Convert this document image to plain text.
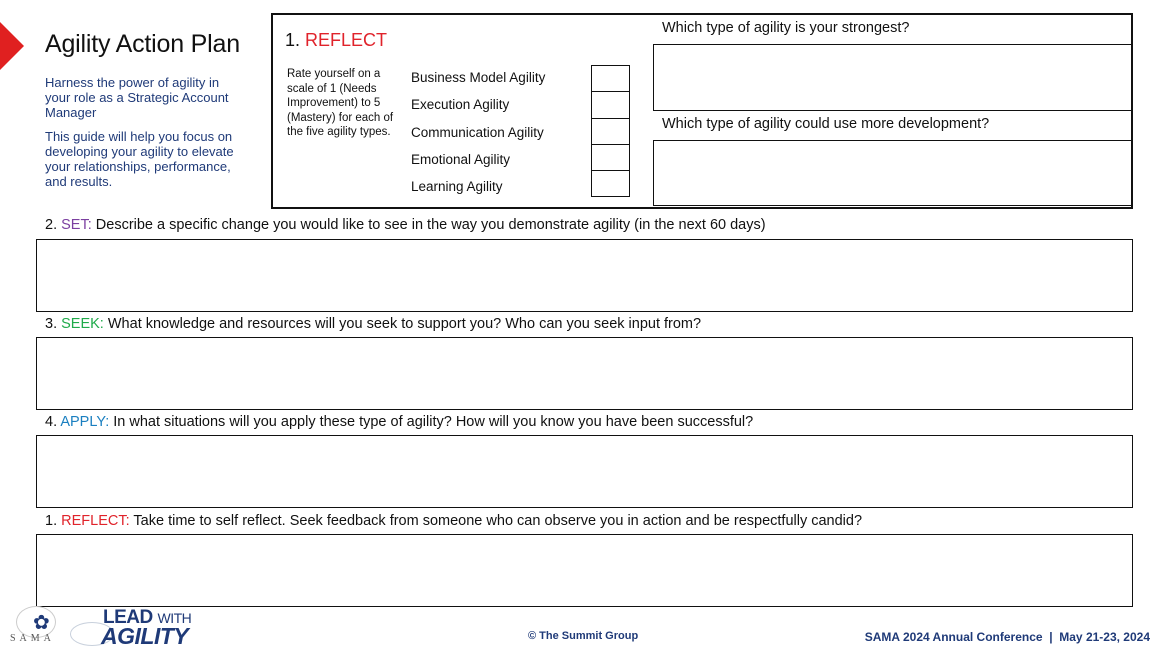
Agility Action Plan

Harness the power of agility in your role as a Strategic Account Manager

This guide will help you focus on developing your agility to elevate your relationships, performance, and results.

1. REFLECT

Rate yourself on a scale of 1 (Needs Improvement) to 5 (Mastery) for each of the five agility types.

Business Model Agility
Execution Agility
Communication Agility
Emotional Agility
Learning Agility
Which type of agility is your strongest?
Which type of agility could use more development?
2. SET: Describe a specific change you would like to see in the way you demonstrate agility (in the next 60 days)
3. SEEK: What knowledge and resources will you seek to support you? Who can you seek input from?
4. APPLY: In what situations will you apply these type of agility? How will you know you have been successful?
1. REFLECT: Take time to self reflect. Seek feedback from someone who can observe you in action and be respectfully candid?
✿
SAMA
LEAD WITH
AGILITY	© The Summit Group	SAMA 2024 Annual Conference  |  May 21-23, 2024
